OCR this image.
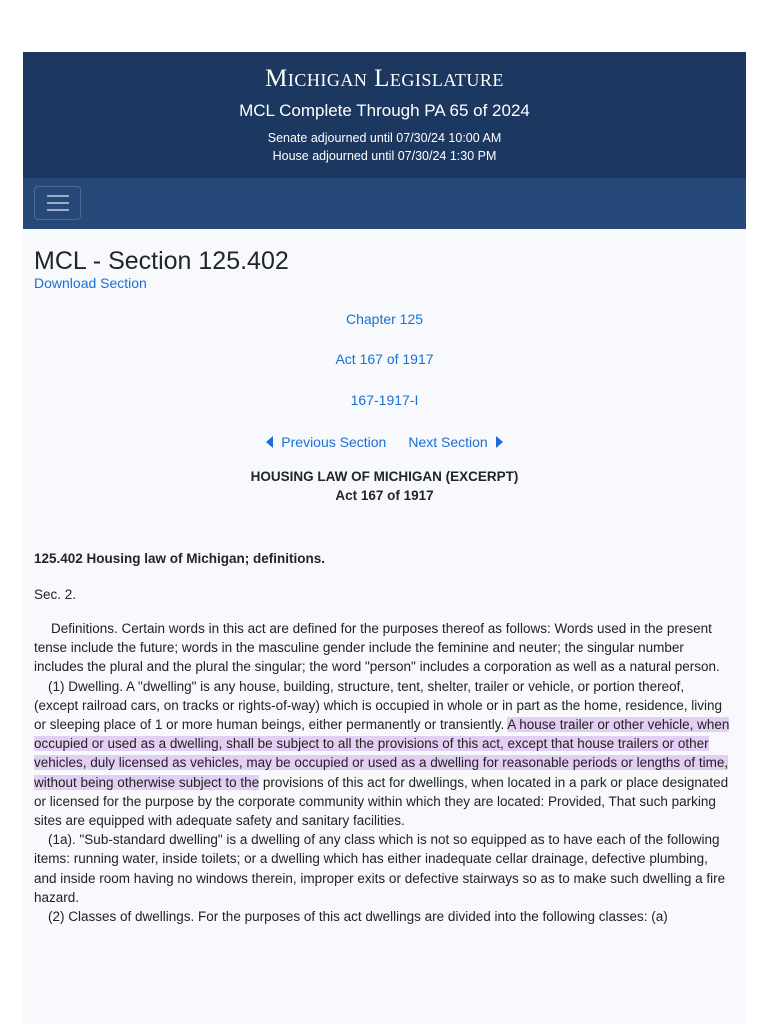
Michigan Legislature
MCL Complete Through PA 65 of 2024
Senate adjourned until 07/30/24 10:00 AM
House adjourned until 07/30/24 1:30 PM
MCL - Section 125.402
Download Section
Chapter 125
Act 167 of 1917
167-1917-I
Previous Section Next Section
HOUSING LAW OF MICHIGAN (EXCERPT)
Act 167 of 1917
125.402 Housing law of Michigan; definitions.
Sec. 2.
Definitions. Certain words in this act are defined for the purposes thereof as follows: Words used in the present tense include the future; words in the masculine gender include the feminine and neuter; the singular number includes the plural and the plural the singular; the word "person" includes a corporation as well as a natural person.
(1) Dwelling. A "dwelling" is any house, building, structure, tent, shelter, trailer or vehicle, or portion thereof, (except railroad cars, on tracks or rights-of-way) which is occupied in whole or in part as the home, residence, living or sleeping place of 1 or more human beings, either permanently or transiently. A house trailer or other vehicle, when occupied or used as a dwelling, shall be subject to all the provisions of this act, except that house trailers or other vehicles, duly licensed as vehicles, may be occupied or used as a dwelling for reasonable periods or lengths of time, without being otherwise subject to the provisions of this act for dwellings, when located in a park or place designated or licensed for the purpose by the corporate community within which they are located: Provided, That such parking sites are equipped with adequate safety and sanitary facilities.
(1a). "Sub-standard dwelling" is a dwelling of any class which is not so equipped as to have each of the following items: running water, inside toilets; or a dwelling which has either inadequate cellar drainage, defective plumbing, and inside room having no windows therein, improper exits or defective stairways so as to make such dwelling a fire hazard.
(2) Classes of dwellings. For the purposes of this act dwellings are divided into the following classes: (a)
